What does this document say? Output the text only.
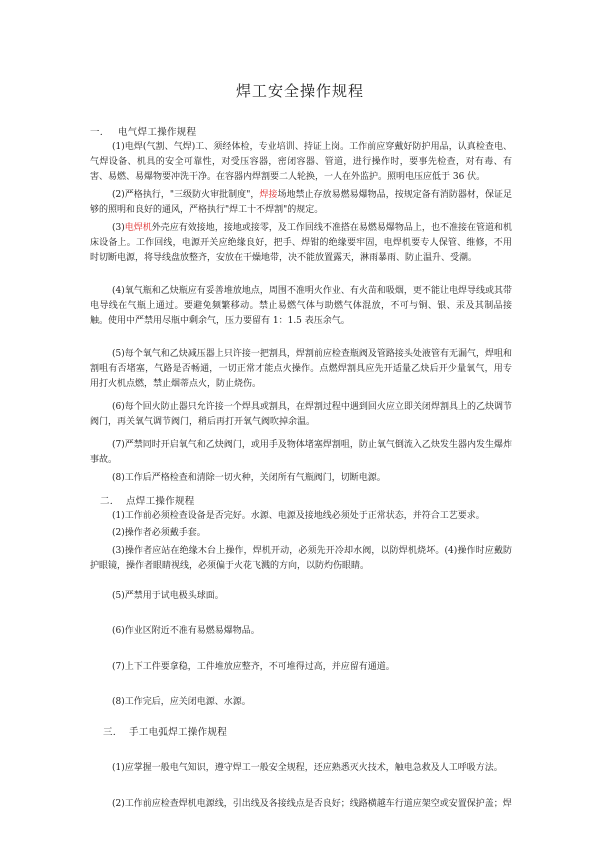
焊工安全操作规程
一. 电气焊工操作规程
(1)电焊(气割、气焊)工、须经体检，专业培训、持证上岗。工作前应穿戴好防护用品，认真检查电、气焊设备、机具的安全可靠性，对受压容器，密闭容器、管道，进行操作时，要事先检查，对有毒、有害、易燃、易爆物要冲洗干净。在容器内焊割要二人轮换，一人在外监护。照明电压应低于 36 伏。
(2)严格执行，"三级防火审批制度"，焊接场地禁止存放易燃易爆物品，按规定备有消防器材，保证足够的照明和良好的通风，严格执行"焊工十不焊割"的规定。
(3)电焊机外壳应有效接地，接地或接零，及工作回线不准搭在易燃易爆物品上，也不准接在管道和机床设备上。工作回线，电源开关应绝缘良好，把手、焊钳的绝缘要牢固，电焊机要专人保管、维修，不用时切断电源，将导线盘放整齐，安放在干燥地带，决不能放置露天，淋雨暴雨、防止温升、受潮。
(4)氧气瓶和乙炔瓶应有妥善堆放地点，周围不准明火作业、有火苗和吸烟，更不能让电焊导线或其带电导线在气瓶上通过。要避免频繁移动。禁止易燃气体与助燃气体混放，不可与铜、银、汞及其制品接触。使用中严禁用尽瓶中剩余气，压力要留有 1：1.5 表压余气。
(5)每个氧气和乙炔减压器上只许接一把割具，焊割前应检查瓶阀及管路接头处液管有无漏气，焊咀和割咀有否堵塞，气路是否畅通，一切正常才能点火操作。点燃焊割具应先开适量乙炔后开少量氧气，用专用打火机点燃，禁止烟蒂点火，防止烧伤。
(6)每个回火防止器只允许接一个焊具或割具，在焊割过程中遇到回火应立即关闭焊割具上的乙炔调节阀门，再关氧气调节阀门，稍后再打开氧气阀吹掉余温。
(7)严禁同时开启氧气和乙炔阀门，或用手及物体堵塞焊割咀，防止氧气倒流入乙炔发生器内发生爆炸事故。
(8)工作后严格检查和清除一切火种，关闭所有气瓶阀门，切断电源。
二. 点焊工操作规程
(1)工作前必须检查设备是否完好。水源、电源及接地线必须处于正常状态，并符合工艺要求。
(2)操作者必须戴手套。
(3)操作者应站在绝缘木台上操作，焊机开动，必须先开冷却水阀，以防焊机烧坏。(4)操作时应戴防护眼镜，操作者眼睛视线，必须偏于火花飞溅的方向，以防灼伤眼睛。
(5)严禁用于试电极头球面。
(6)作业区附近不准有易燃易爆物品。
(7)上下工件要拿稳，工件堆放应整齐，不可堆得过高，并应留有通道。
(8)工作完后，应关闭电源、水源。
三. 手工电弧焊工操作规程
(1)应掌握一般电气知识，遵守焊工一般安全规程，还应熟悉灭火技术，触电急救及人工呼吸方法。
(2)工作前应检查焊机电源线，引出线及各接线点是否良好；线路横越车行道应架空或安置保护盖；焊
